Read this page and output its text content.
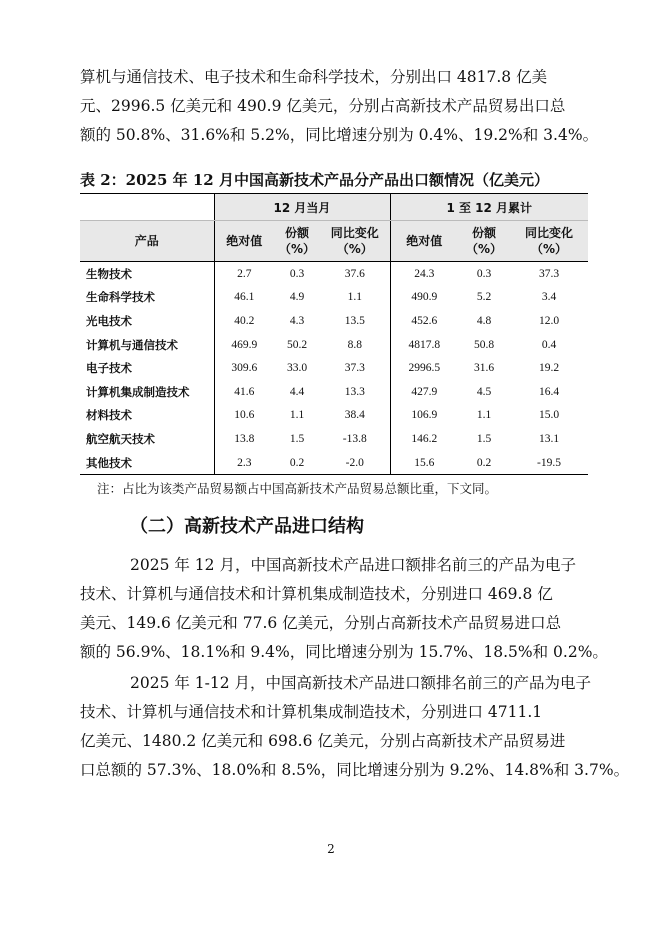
算机与通信技术、电子技术和生命科学技术，分别出口 4817.8 亿美
元、2996.5 亿美元和 490.9 亿美元，分别占高新技术产品贸易出口总
额的 50.8%、31.6%和 5.2%，同比增速分别为 0.4%、19.2%和 3.4%。
表 2：2025 年 12 月中国高新技术产品分产品出口额情况（亿美元）
	12 月当月			1 至 12 月累计		
产品	绝对值	份额（%）	同比变化（%）	绝对值	份额（%）	同比变化（%）
生物技术	2.7	0.3	37.6	24.3	0.3	37.3
生命科学技术	46.1	4.9	1.1	490.9	5.2	3.4
光电技术	40.2	4.3	13.5	452.6	4.8	12.0
计算机与通信技术	469.9	50.2	8.8	4817.8	50.8	0.4
电子技术	309.6	33.0	37.3	2996.5	31.6	19.2
计算机集成制造技术	41.6	4.4	13.3	427.9	4.5	16.4
材料技术	10.6	1.1	38.4	106.9	1.1	15.0
航空航天技术	13.8	1.5	-13.8	146.2	1.5	13.1
其他技术	2.3	0.2	-2.0	15.6	0.2	-19.5
注：占比为该类产品贸易额占中国高新技术产品贸易总额比重，下文同。
（二）高新技术产品进口结构
2025 年 12 月，中国高新技术产品进口额排名前三的产品为电子
技术、计算机与通信技术和计算机集成制造技术，分别进口 469.8 亿
美元、149.6 亿美元和 77.6 亿美元，分别占高新技术产品贸易进口总
额的 56.9%、18.1%和 9.4%，同比增速分别为 15.7%、18.5%和 0.2%。
2025 年 1-12 月，中国高新技术产品进口额排名前三的产品为电子
技术、计算机与通信技术和计算机集成制造技术，分别进口 4711.1
亿美元、1480.2 亿美元和 698.6 亿美元，分别占高新技术产品贸易进
口总额的 57.3%、18.0%和 8.5%，同比增速分别为 9.2%、14.8%和 3.7%。
2
